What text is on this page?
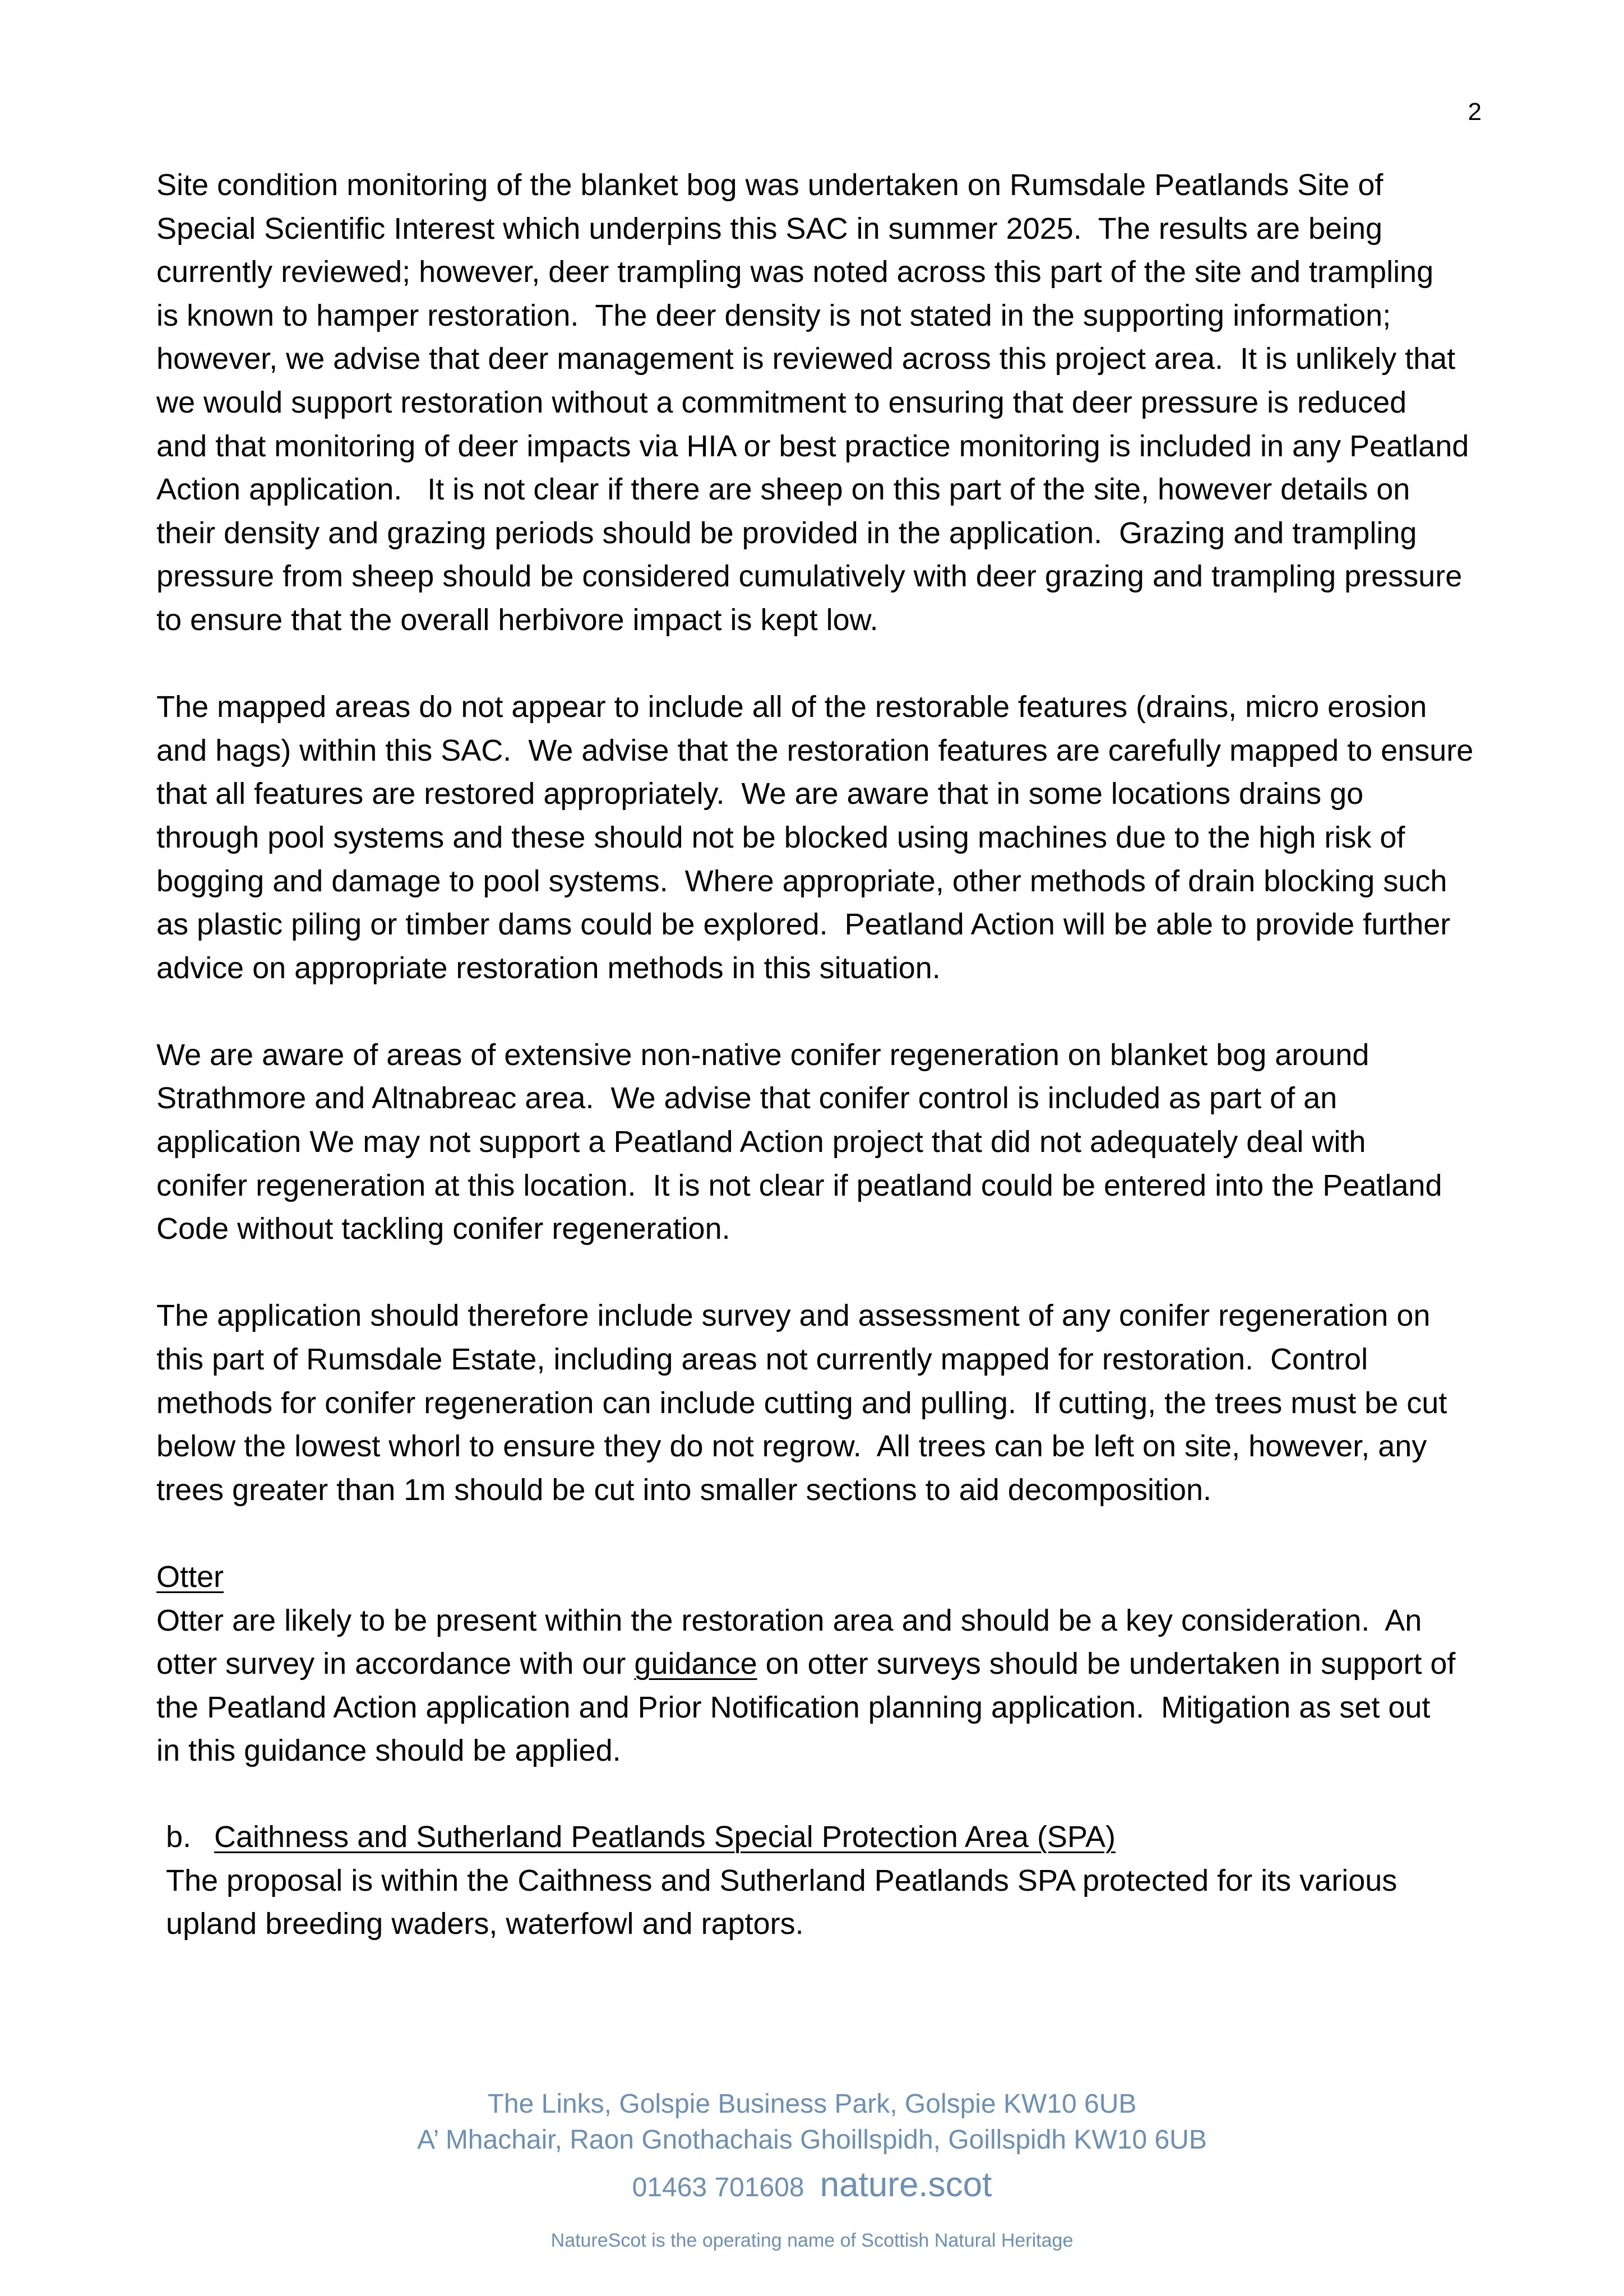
2

Site condition monitoring of the blanket bog was undertaken on Rumsdale Peatlands Site of
Special Scientific Interest which underpins this SAC in summer 2025.  The results are being
currently reviewed; however, deer trampling was noted across this part of the site and trampling
is known to hamper restoration.  The deer density is not stated in the supporting information;
however, we advise that deer management is reviewed across this project area.  It is unlikely that
we would support restoration without a commitment to ensuring that deer pressure is reduced
and that monitoring of deer impacts via HIA or best practice monitoring is included in any Peatland
Action application.   It is not clear if there are sheep on this part of the site, however details on
their density and grazing periods should be provided in the application.  Grazing and trampling
pressure from sheep should be considered cumulatively with deer grazing and trampling pressure
to ensure that the overall herbivore impact is kept low.

The mapped areas do not appear to include all of the restorable features (drains, micro erosion
and hags) within this SAC.  We advise that the restoration features are carefully mapped to ensure
that all features are restored appropriately.  We are aware that in some locations drains go
through pool systems and these should not be blocked using machines due to the high risk of
bogging and damage to pool systems.  Where appropriate, other methods of drain blocking such
as plastic piling or timber dams could be explored.  Peatland Action will be able to provide further
advice on appropriate restoration methods in this situation.

We are aware of areas of extensive non-native conifer regeneration on blanket bog around
Strathmore and Altnabreac area.  We advise that conifer control is included as part of an
application We may not support a Peatland Action project that did not adequately deal with
conifer regeneration at this location.  It is not clear if peatland could be entered into the Peatland
Code without tackling conifer regeneration.

The application should therefore include survey and assessment of any conifer regeneration on
this part of Rumsdale Estate, including areas not currently mapped for restoration.  Control
methods for conifer regeneration can include cutting and pulling.  If cutting, the trees must be cut
below the lowest whorl to ensure they do not regrow.  All trees can be left on site, however, any
trees greater than 1m should be cut into smaller sections to aid decomposition.

Otter

Otter are likely to be present within the restoration area and should be a key consideration.  An
otter survey in accordance with our guidance on otter surveys should be undertaken in support of
the Peatland Action application and Prior Notification planning application.  Mitigation as set out
in this guidance should be applied.

b. Caithness and Sutherland Peatlands Special Protection Area (SPA)

The proposal is within the Caithness and Sutherland Peatlands SPA protected for its various
upland breeding waders, waterfowl and raptors.

The Links, Golspie Business Park, Golspie KW10 6UB
A’ Mhachair, Raon Gnothachais Ghoillspidh, Goillspidh KW10 6UB
01463 701608 nature.scot
NatureScot is the operating name of Scottish Natural Heritage
